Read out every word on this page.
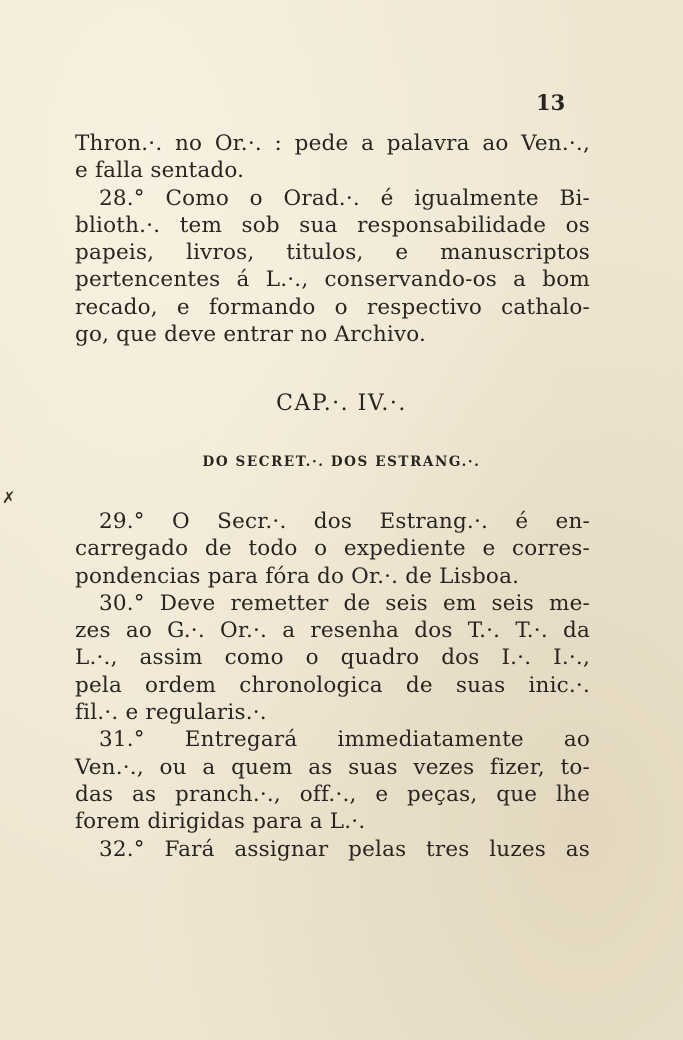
13
Thron.·. no Or.·. : pede a palavra ao Ven.·.,
e falla sentado.
28.° Como o Orad.·. é igualmente Bi-
blioth.·. tem sob sua responsabilidade os
papeis, livros, titulos, e manuscriptos
pertencentes á L.·., conservando-os a bom
recado, e formando o respectivo cathalo-
go, que deve entrar no Archivo.
CAP.·. IV.·.
DO SECRET.·. DOS ESTRANG.·.
✗
29.° O Secr.·. dos Estrang.·. é en-
carregado de todo o expediente e corres-
pondencias para fóra do Or.·. de Lisboa.
30.° Deve remetter de seis em seis me-
zes ao G.·. Or.·. a resenha dos T.·. T.·. da
L.·., assim como o quadro dos I.·. I.·.,
pela ordem chronologica de suas inic.·.
fil.·. e regularis.·.
31.° Entregará immediatamente ao
Ven.·., ou a quem as suas vezes fizer, to-
das as pranch.·., off.·., e peças, que lhe
forem dirigidas para a L.·.
32.° Fará assignar pelas tres luzes as
